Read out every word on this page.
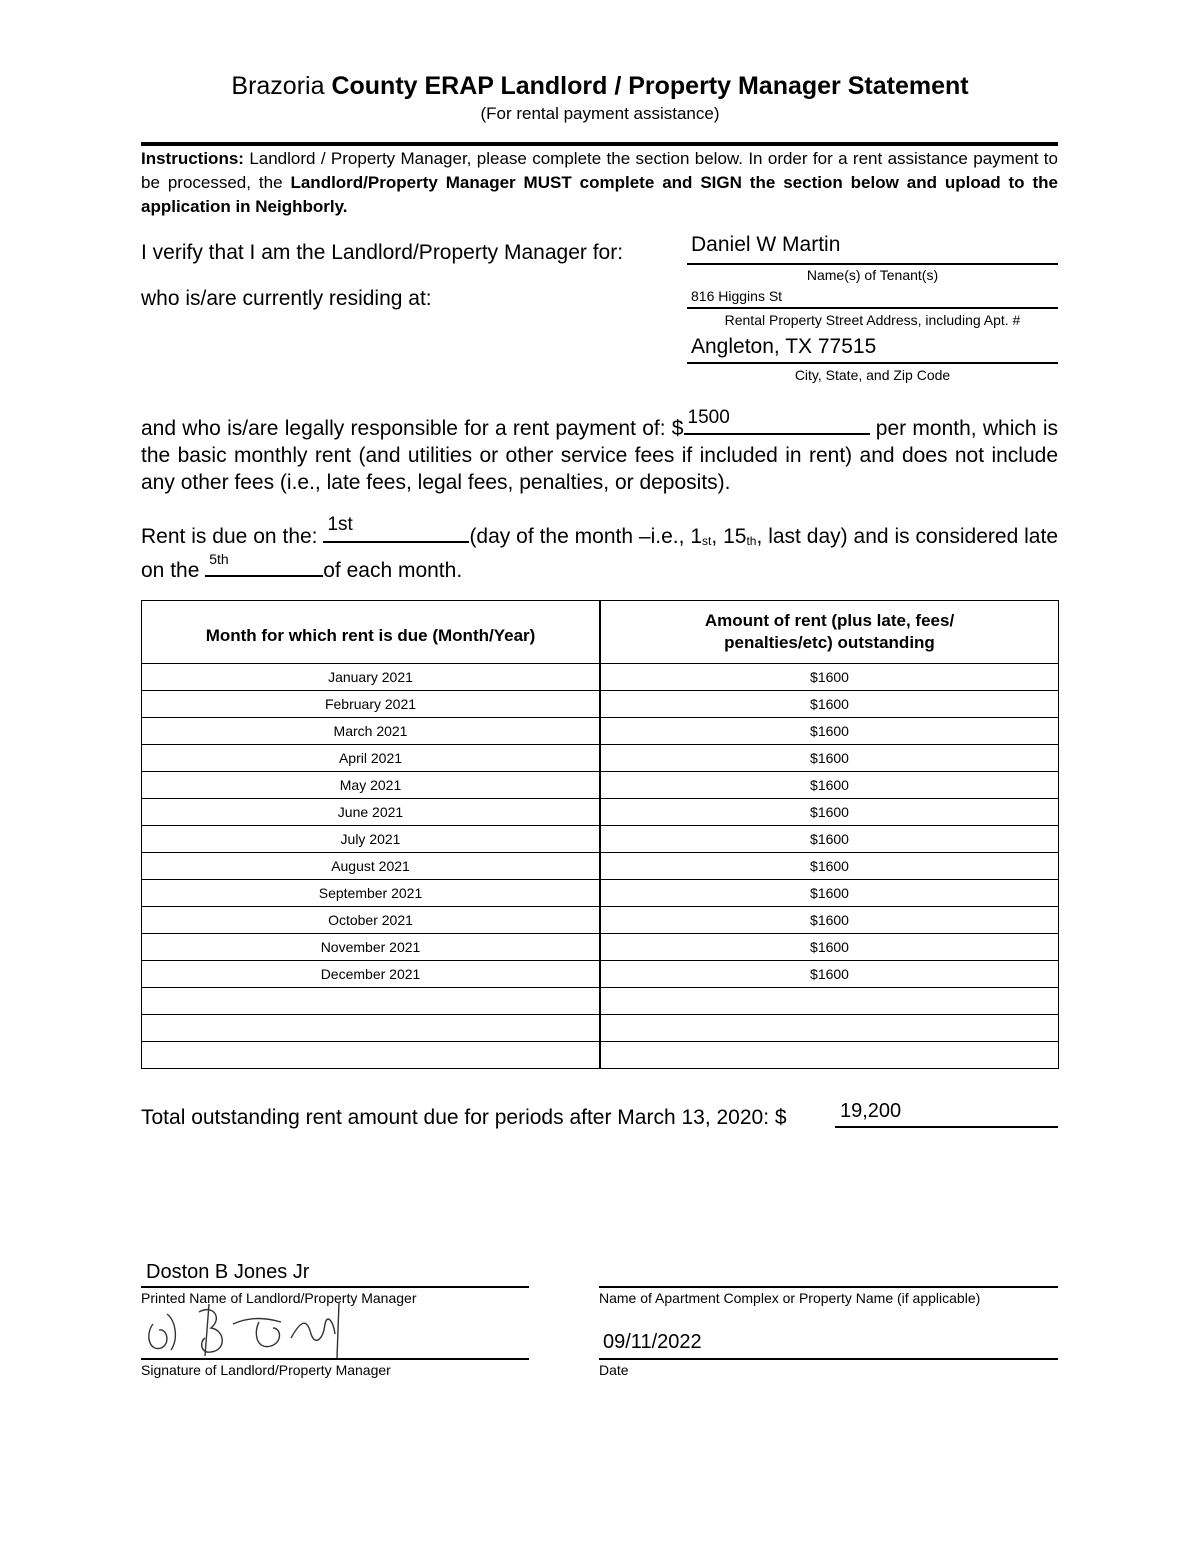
Brazoria County ERAP Landlord / Property Manager Statement
(For rental payment assistance)
Instructions: Landlord / Property Manager, please complete the section below. In order for a rent assistance payment to be processed, the Landlord/Property Manager MUST complete and SIGN the section below and upload to the application in Neighborly.
I verify that I am the Landlord/Property Manager for:
who is/are currently residing at:
Daniel W Martin
Name(s) of Tenant(s)
816 Higgins St
Rental Property Street Address, including Apt. #
Angleton, TX 77515
City, State, and Zip Code
and who is/are legally responsible for a rent payment of: $ 1500	per month, which is the basic monthly rent (and utilities or other service fees if included in rent) and does not include any other fees (i.e., late fees, legal fees, penalties, or deposits).
Rent is due on the:
1st
(day of the month –i.e., $1_{st}$, $15_{th}$, last day) and is considered late on the 5th	of each month.
Month for which rent is due (Month/Year)	Amount of rent (plus late, fees/
penalties/etc) outstanding
January 2021	$1600
February 2021	$1600
March 2021	$1600
April 2021	$1600
May 2021	$1600
June 2021	$1600
July 2021	$1600
August 2021	$1600
September 2021	$1600
October 2021	$1600
November 2021	$1600
December 2021	$1600

Total outstanding rent amount due for periods after March 13, 2020: $	19,200
Doston B Jones Jr
Printed Name of Landlord/Property Manager	Name of Apartment Complex or Property Name (if applicable)
09/11/2022
Signature of Landlord/Property Manager	Date
